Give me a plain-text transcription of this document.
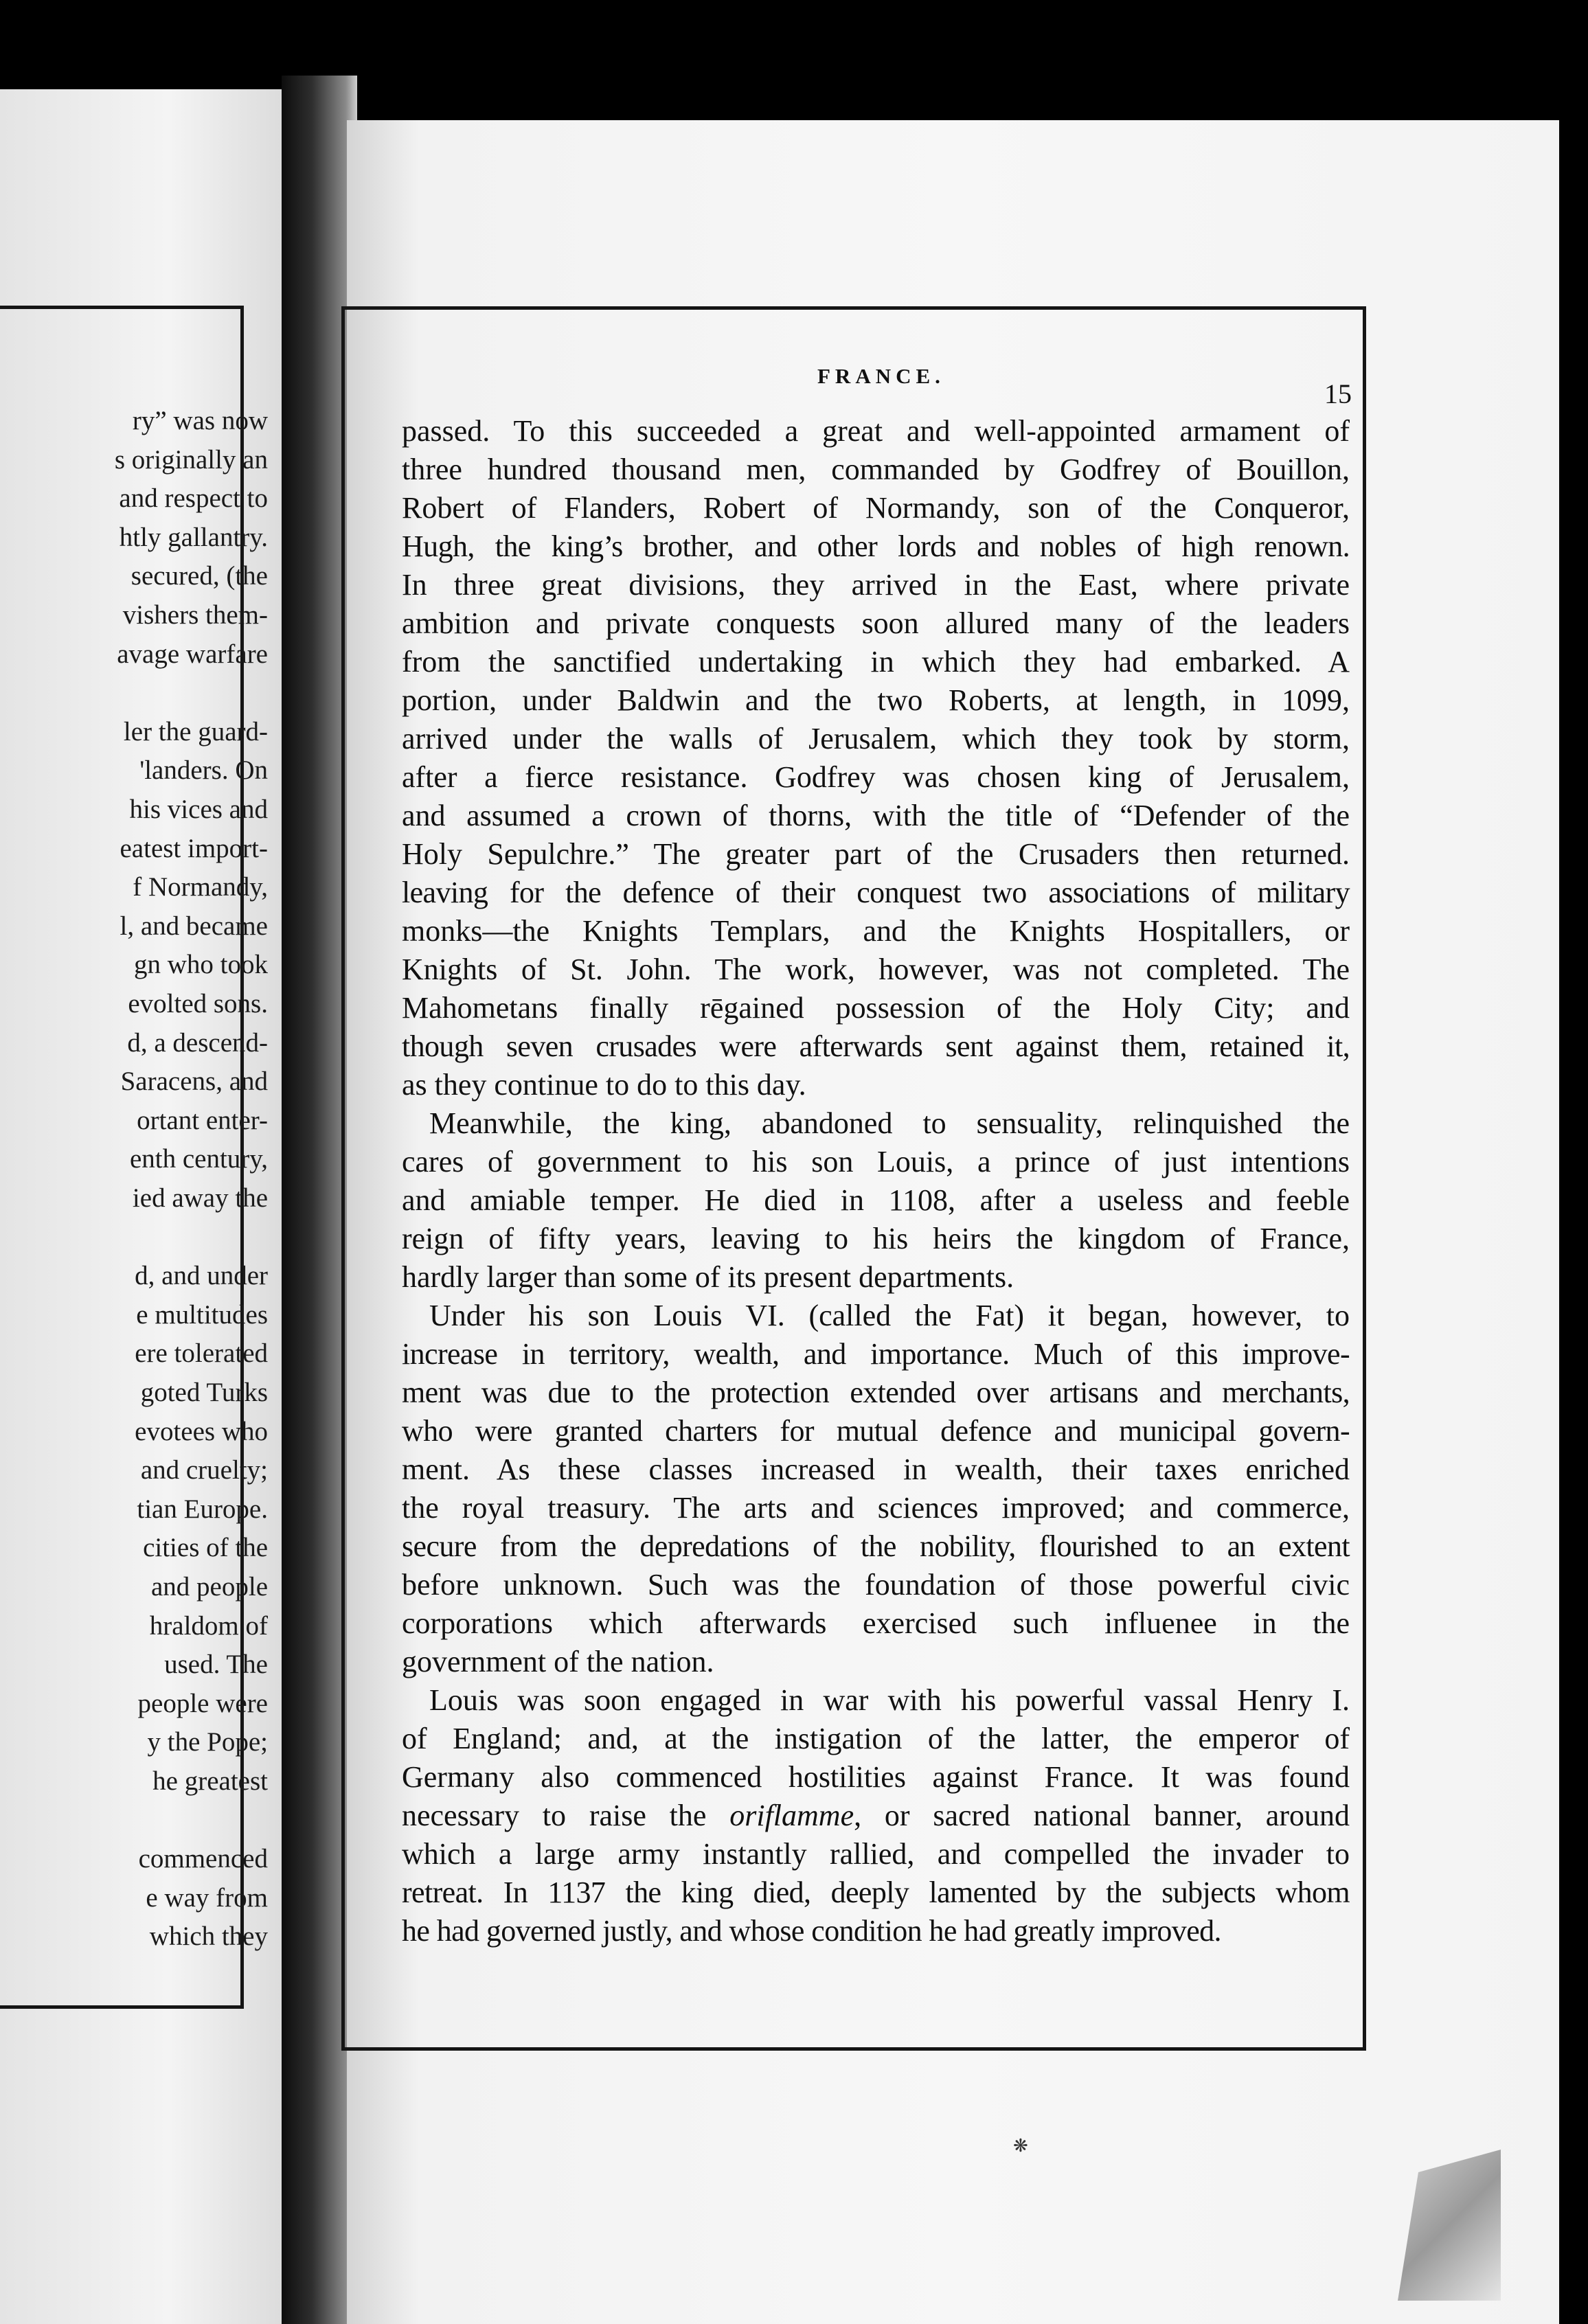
ry” was now
s originally an
and respect to
htly gallantry.
secured, (the
vishers them-
avage warfare
ler the guard-
'landers. On
his vices and
eatest import-
f Normandy,
l, and became
gn who took
evolted sons.
d, a descend-
Saracens, and
ortant enter-
enth century,
ied away the
d, and under
e multitudes
ere tolerated
goted Turks
evotees who
and cruelty;
tian Europe.
cities of the
and people
hraldom of
used. The
people were
y the Pope;
he greatest
commenced
e way from
which they
FRANCE.
15
passed. To this succeeded a great and well-appointed armament of
three hundred thousand men, commanded by Godfrey of Bouillon,
Robert of Flanders, Robert of Normandy, son of the Conqueror,
Hugh, the king’s brother, and other lords and nobles of high renown.
In three great divisions, they arrived in the East, where private
ambition and private conquests soon allured many of the leaders
from the sanctified undertaking in which they had embarked. A
portion, under Baldwin and the two Roberts, at length, in 1099,
arrived under the walls of Jerusalem, which they took by storm,
after a fierce resistance. Godfrey was chosen king of Jerusalem,
and assumed a crown of thorns, with the title of “Defender of the
Holy Sepulchre.” The greater part of the Crusaders then returned.
leaving for the defence of their conquest two associations of military
monks—the Knights Templars, and the Knights Hospitallers, or
Knights of St. John. The work, however, was not completed. The
Mahometans finally rēgained possession of the Holy City; and
though seven crusades were afterwards sent against them, retained it,
as they continue to do to this day.
Meanwhile, the king, abandoned to sensuality, relinquished the
cares of government to his son Louis, a prince of just intentions
and amiable temper. He died in 1108, after a useless and feeble
reign of fifty years, leaving to his heirs the kingdom of France,
hardly larger than some of its present departments.
Under his son Louis VI. (called the Fat) it began, however, to
increase in territory, wealth, and importance. Much of this improve-
ment was due to the protection extended over artisans and merchants,
who were granted charters for mutual defence and municipal govern-
ment. As these classes increased in wealth, their taxes enriched
the royal treasury. The arts and sciences improved; and commerce,
secure from the depredations of the nobility, flourished to an extent
before unknown. Such was the foundation of those powerful civic
corporations which afterwards exercised such influenee in the
government of the nation.
Louis was soon engaged in war with his powerful vassal Henry I.
of England; and, at the instigation of the latter, the emperor of
Germany also commenced hostilities against France. It was found
necessary to raise the oriflamme, or sacred national banner, around
which a large army instantly rallied, and compelled the invader to
retreat. In 1137 the king died, deeply lamented by the subjects whom
he had governed justly, and whose condition he had greatly improved.
❋
